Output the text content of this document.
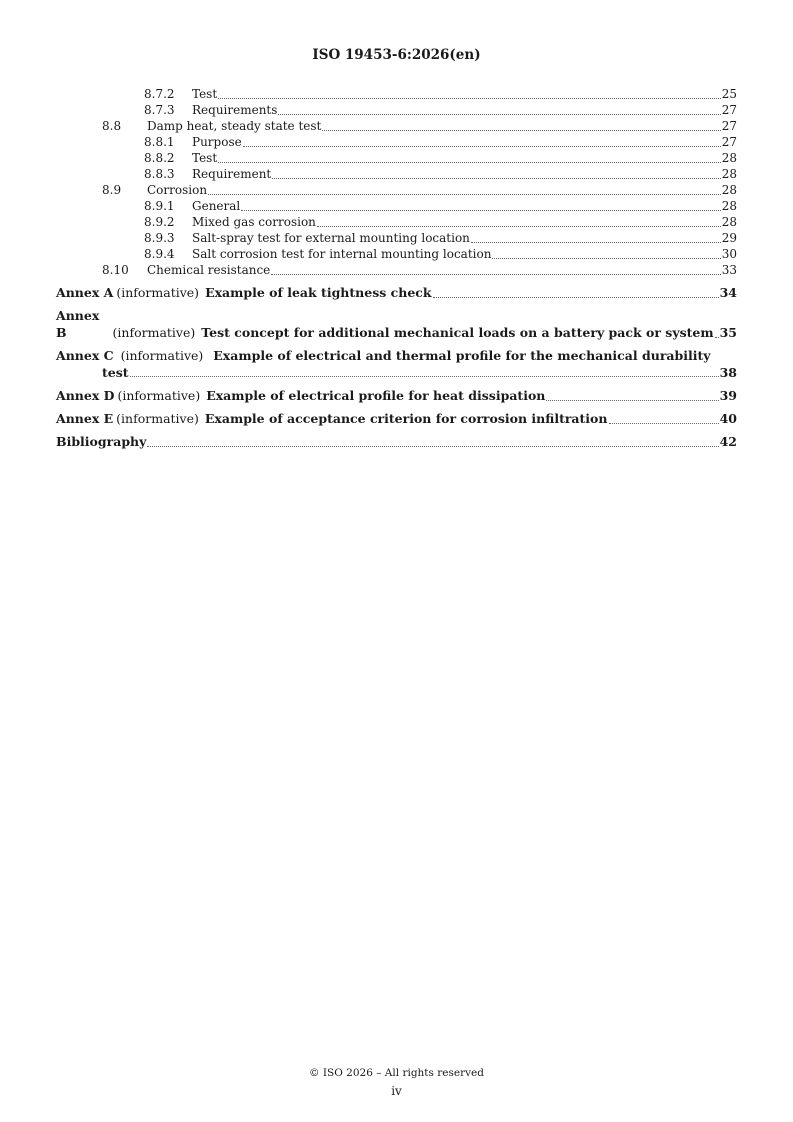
ISO 19453-6:2026(en)
8.7.2	Test	25
8.7.3	Requirements	27
8.8	Damp heat, steady state test	27
8.8.1	Purpose	27
8.8.2	Test	28
8.8.3	Requirement	28
8.9	Corrosion	28
8.9.1	General	28
8.9.2	Mixed gas corrosion	28
8.9.3	Salt-spray test for external mounting location	29
8.9.4	Salt corrosion test for internal mounting location	30
8.10	Chemical resistance	33
Annex A (informative) Example of leak tightness check	34
Annex B	(informative) Test concept for additional mechanical loads on a battery pack or system 35
Annex C (informative) Example of electrical and thermal profile for the mechanical durability
test	38
Annex D (informative) Example of electrical profile for heat dissipation	39
Annex E (informative) Example of acceptance criterion for corrosion infiltration	40
Bibliography	42
© ISO 2026 – All rights reserved
iv
